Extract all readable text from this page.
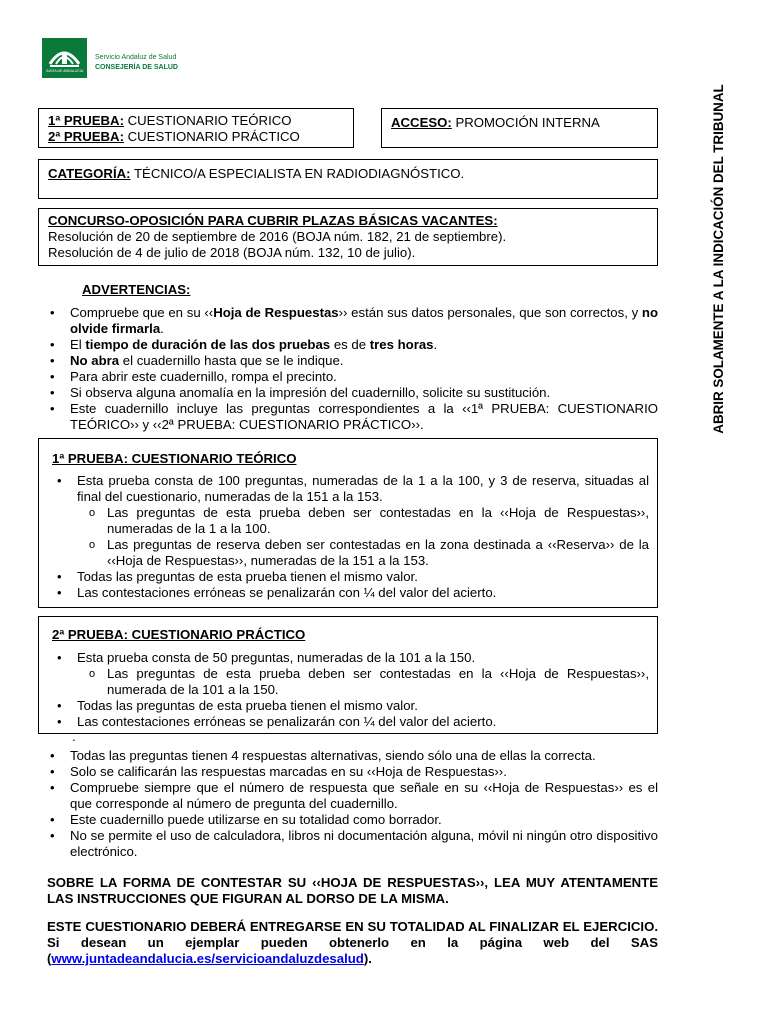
JUNTA DE ANDALUCIA
Servicio Andaluz de Salud
CONSEJERÍA DE SALUD
ABRIR SOLAMENTE A LA INDICACIÓN DEL TRIBUNAL
1ª PRUEBA: CUESTIONARIO TEÓRICO
2ª PRUEBA: CUESTIONARIO PRÁCTICO
ACCESO: PROMOCIÓN INTERNA
CATEGORÍA: TÉCNICO/A ESPECIALISTA EN RADIODIAGNÓSTICO.
CONCURSO-OPOSICIÓN PARA CUBRIR PLAZAS BÁSICAS VACANTES:
Resolución de 20 de septiembre de 2016 (BOJA núm. 182, 21 de septiembre).
Resolución de 4 de julio de 2018 (BOJA núm. 132, 10 de julio).
ADVERTENCIAS:
• Compruebe que en su ‹‹Hoja de Respuestas›› están sus datos personales, que son correctos, y no olvide firmarla.
• El tiempo de duración de las dos pruebas es de tres horas.
• No abra el cuadernillo hasta que se le indique.
• Para abrir este cuadernillo, rompa el precinto.
• Si observa alguna anomalía en la impresión del cuadernillo, solicite su sustitución.
• Este cuadernillo incluye las preguntas correspondientes a la ‹‹1ª PRUEBA: CUESTIONARIO TEÓRICO›› y ‹‹2ª PRUEBA: CUESTIONARIO PRÁCTICO››.
1ª PRUEBA: CUESTIONARIO TEÓRICO
• Esta prueba consta de 100 preguntas, numeradas de la 1 a la 100, y 3 de reserva, situadas al final del cuestionario, numeradas de la 151 a la 153.
o Las preguntas de esta prueba deben ser contestadas en la ‹‹Hoja de Respuestas››, numeradas de la 1 a la 100.
o Las preguntas de reserva deben ser contestadas en la zona destinada a ‹‹Reserva›› de la ‹‹Hoja de Respuestas››, numeradas de la 151 a la 153.
• Todas las preguntas de esta prueba tienen el mismo valor.
• Las contestaciones erróneas se penalizarán con ¼ del valor del acierto.
2ª PRUEBA: CUESTIONARIO PRÁCTICO
• Esta prueba consta de 50 preguntas, numeradas de la 101 a la 150.
o Las preguntas de esta prueba deben ser contestadas en la ‹‹Hoja de Respuestas››, numerada de la 101 a la 150.
• Todas las preguntas de esta prueba tienen el mismo valor.
• Las contestaciones erróneas se penalizarán con ¼ del valor del acierto.
.
• Todas las preguntas tienen 4 respuestas alternativas, siendo sólo una de ellas la correcta.
• Solo se calificarán las respuestas marcadas en su ‹‹Hoja de Respuestas››.
• Compruebe siempre que el número de respuesta que señale en su ‹‹Hoja de Respuestas›› es el que corresponde al número de pregunta del cuadernillo.
• Este cuadernillo puede utilizarse en su totalidad como borrador.
• No se permite el uso de calculadora, libros ni documentación alguna, móvil ni ningún otro dispositivo electrónico.
SOBRE LA FORMA DE CONTESTAR SU ‹‹HOJA DE RESPUESTAS››, LEA MUY ATENTAMENTE LAS INSTRUCCIONES QUE FIGURAN AL DORSO DE LA MISMA.
ESTE CUESTIONARIO DEBERÁ ENTREGARSE EN SU TOTALIDAD AL FINALIZAR EL EJERCICIO. Si desean un ejemplar pueden obtenerlo en la página web del SAS (www.juntadeandalucia.es/servicioandaluzdesalud).
